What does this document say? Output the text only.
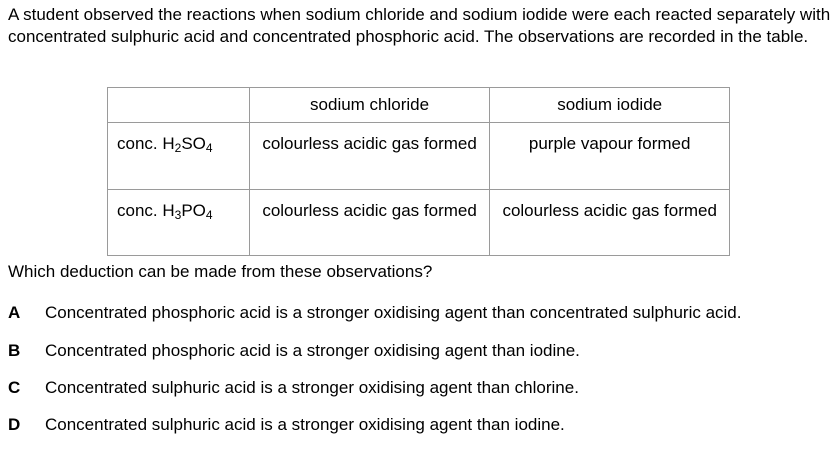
A student observed the reactions when sodium chloride and sodium iodide were each reacted separately with concentrated sulphuric acid and concentrated phosphoric acid. The observations are recorded in the table.
	sodium chloride	sodium iodide
conc. $H_2SO_4$	colourless acidic gas formed	purple vapour formed
conc. $H_3PO_4$	colourless acidic gas formed	colourless acidic gas formed
Which deduction can be made from these observations?
A Concentrated phosphoric acid is a stronger oxidising agent than concentrated sulphuric acid.
B Concentrated phosphoric acid is a stronger oxidising agent than iodine.
C Concentrated sulphuric acid is a stronger oxidising agent than chlorine.
D Concentrated sulphuric acid is a stronger oxidising agent than iodine.
